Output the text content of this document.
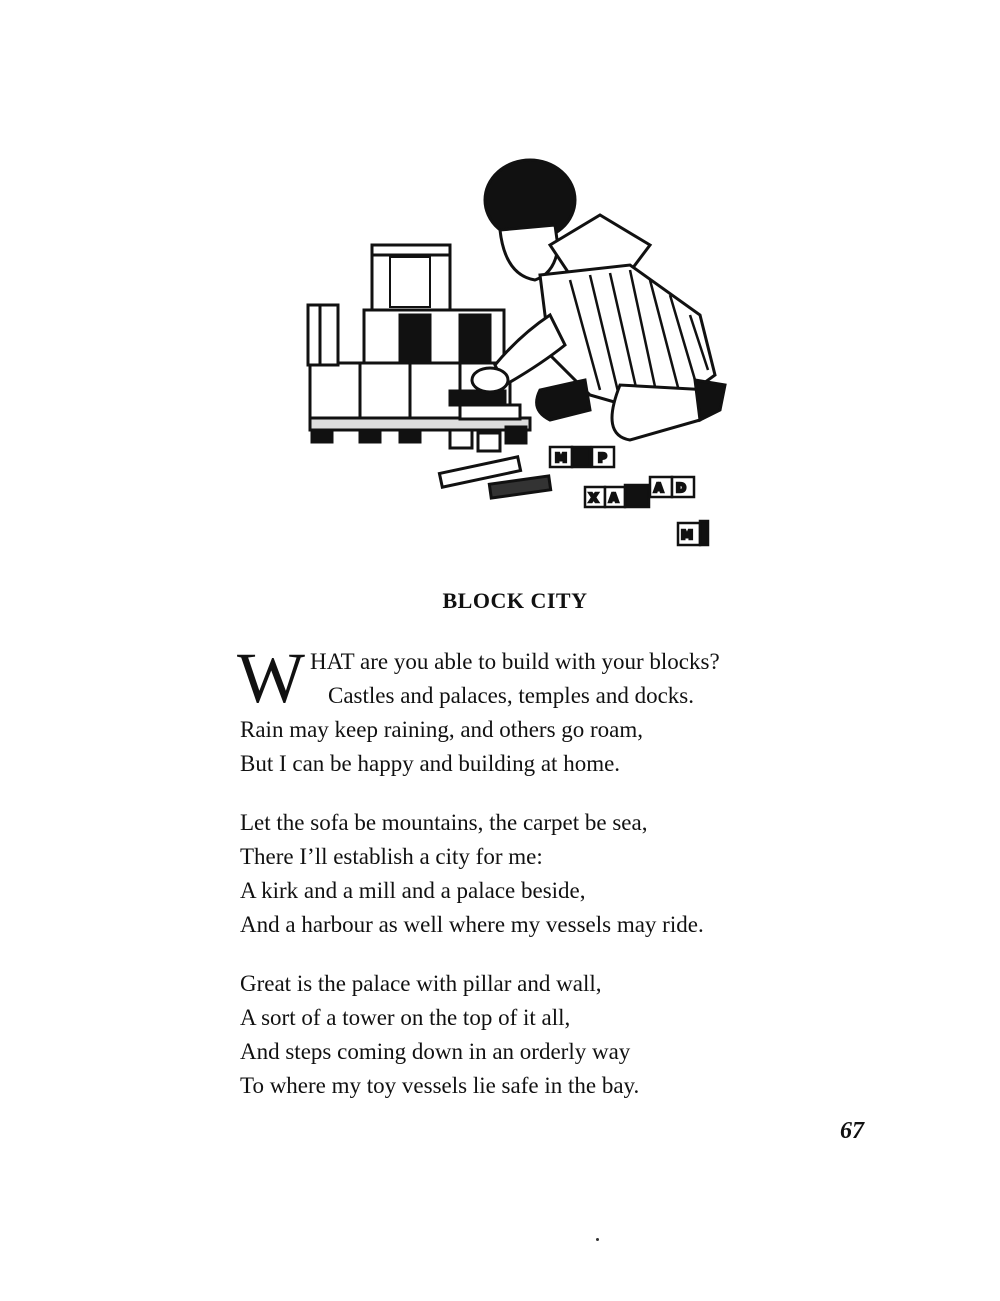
M	P
X A
A D
M
BLOCK CITY
W HAT are you able to build with your blocks?
Castles and palaces, temples and docks.
Rain may keep raining, and others go roam,
But I can be happy and building at home.
Let the sofa be mountains, the carpet be sea,
There I’ll establish a city for me:
A kirk and a mill and a palace beside,
And a harbour as well where my vessels may ride.
Great is the palace with pillar and wall,
A sort of a tower on the top of it all,
And steps coming down in an orderly way
To where my toy vessels lie safe in the bay.
67
